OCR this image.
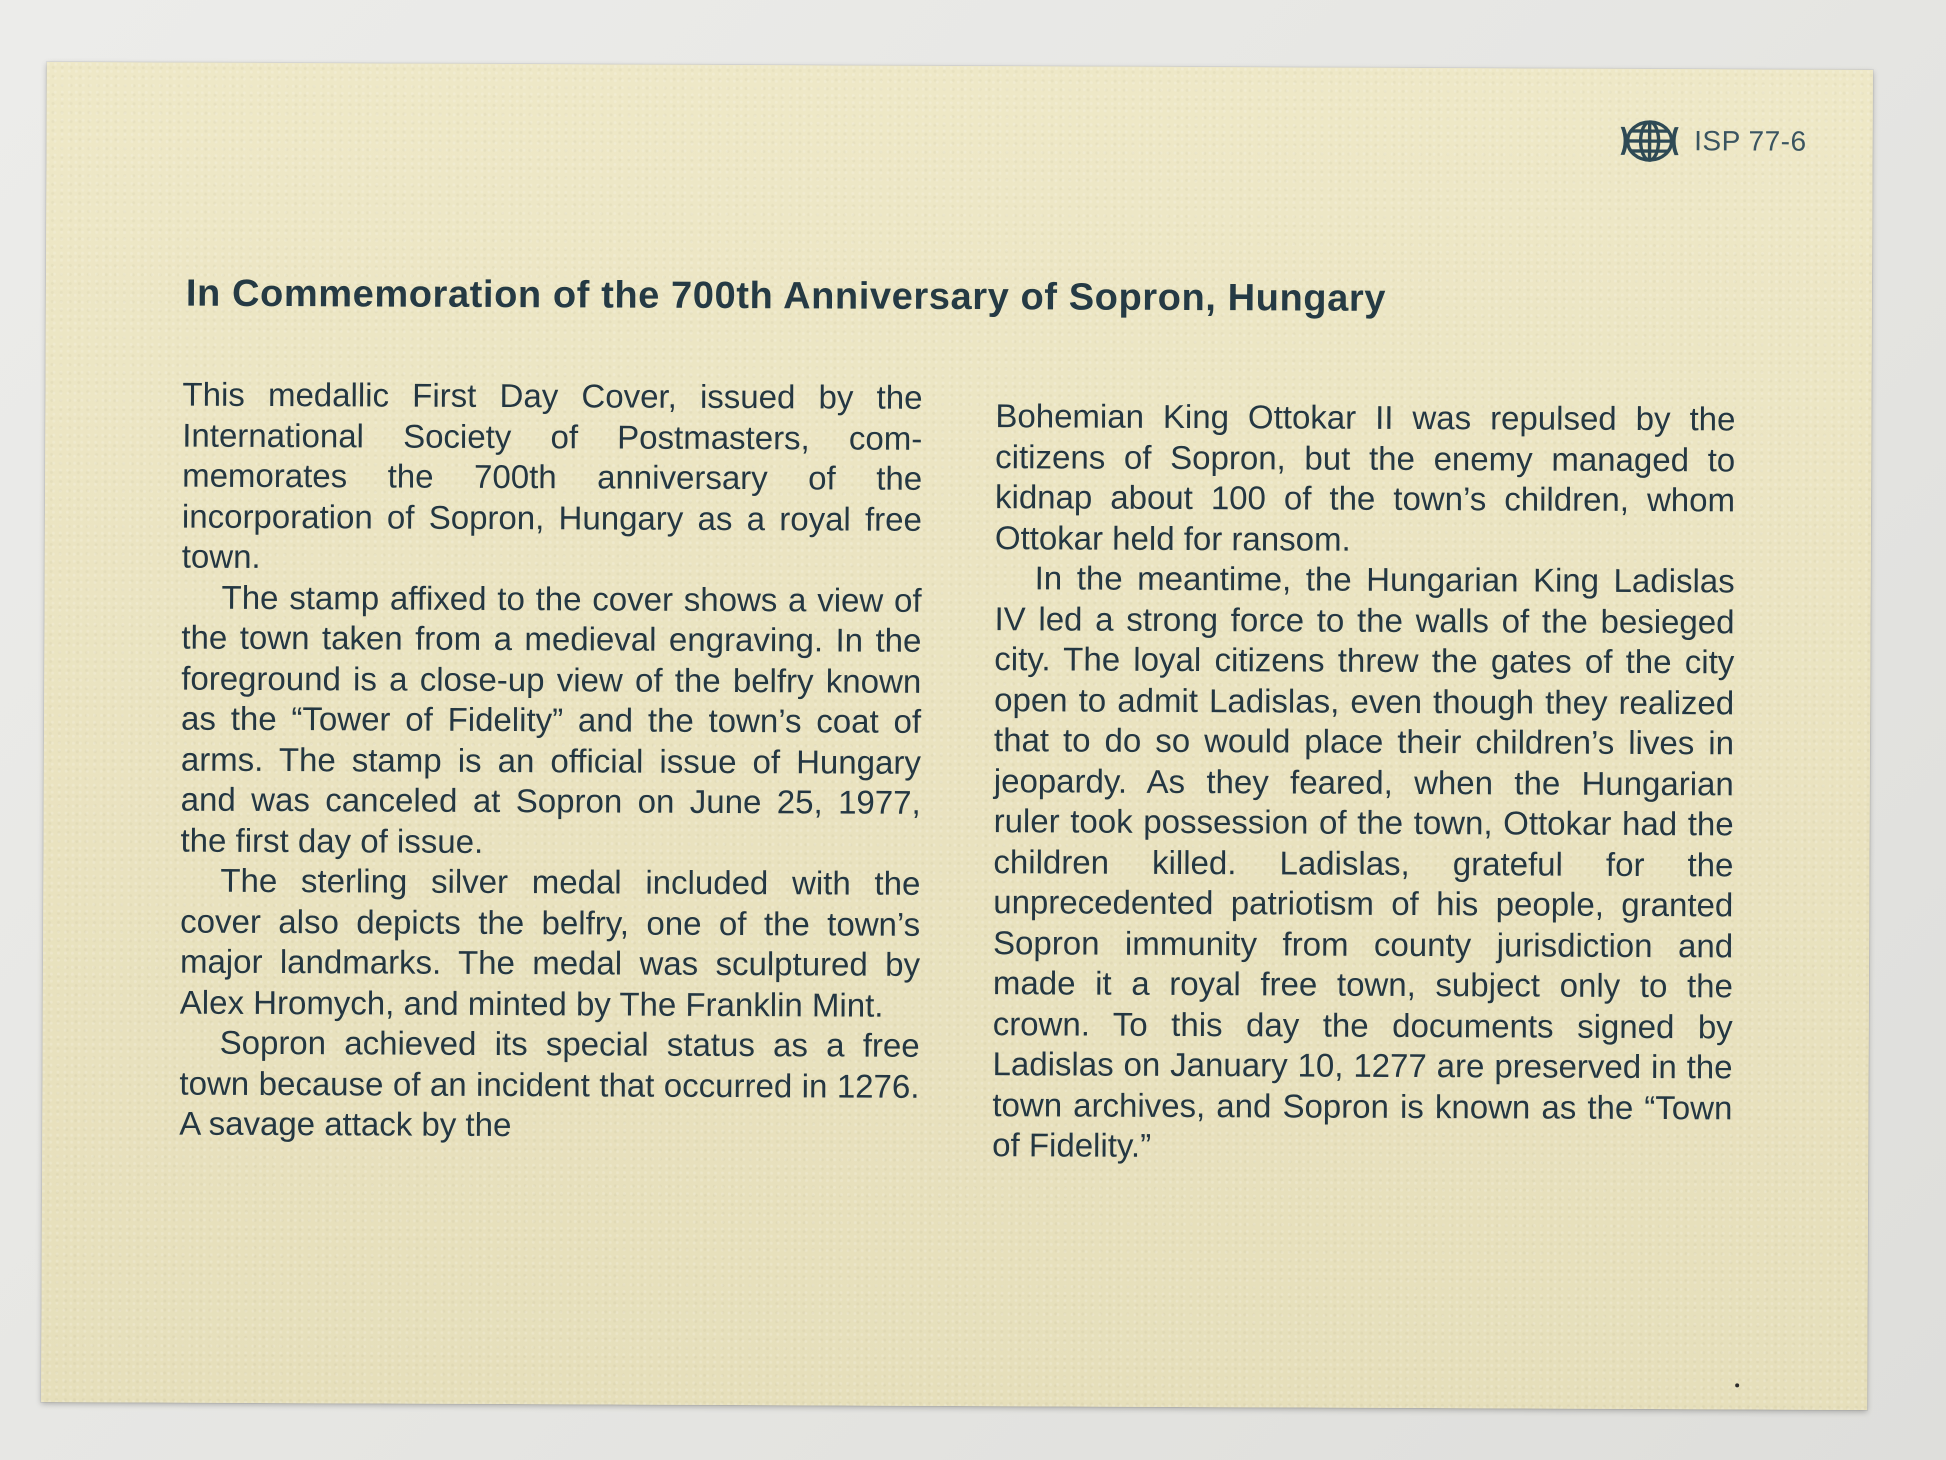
ISP 77-6
In Commemoration of the 700th Anniversary of Sopron, Hungary

This medallic First Day Cover, issued by the International Society of Postmasters, commemorates the 700th anniversary of the incorporation of Sopron, Hungary as a royal free town.

The stamp affixed to the cover shows a view of the town taken from a medieval engraving. In the foreground is a close-up view of the belfry known as the “Tower of Fidelity” and the town’s coat of arms. The stamp is an official issue of Hungary and was canceled at Sopron on June 25, 1977, the first day of issue.

The sterling silver medal included with the cover also depicts the belfry, one of the town’s major landmarks. The medal was sculptured by Alex Hromych, and minted by The Franklin Mint.

Sopron achieved its special status as a free town because of an incident that occurred in 1276. A savage attack by the

Bohemian King Ottokar II was repulsed by the citizens of Sopron, but the enemy managed to kidnap about 100 of the town’s children, whom Ottokar held for ransom.

In the meantime, the Hungarian King Ladislas IV led a strong force to the walls of the besieged city. The loyal citizens threw the gates of the city open to admit Ladislas, even though they realized that to do so would place their children’s lives in jeopardy. As they feared, when the Hungarian ruler took possession of the town, Ottokar had the children killed. Ladislas, grateful for the unprecedented patriotism of his people, granted Sopron immunity from county jurisdiction and made it a royal free town, subject only to the crown. To this day the documents signed by Ladislas on January 10, 1277 are preserved in the town archives, and Sopron is known as the “Town of Fidelity.”
